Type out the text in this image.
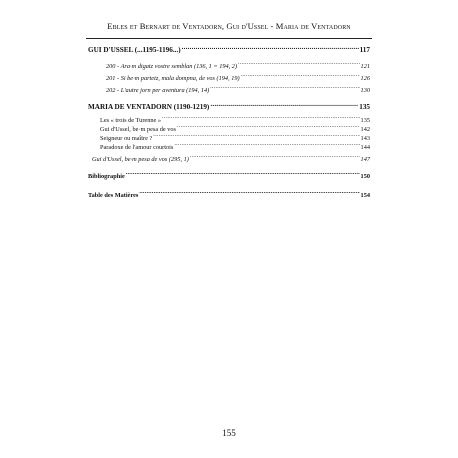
Ebles et Bernart de Ventadorn, Gui d'Ussel - Maria de Ventadorn
GUI D'USSEL (...1195-1196...) .....	117
200 - Ara·m digatz vostre semblan (136, 1 = 194, 2) .....	121
201 - Si be·m partetz, mala dompna, de vos (194, 19) .....	126
202 - L'autre jorn per aventura (194, 14) .....	130
MARIA DE VENTADORN (1190-1219) .....	135
Les « trois de Turenne » .....	135
Gui d'Ussel, be·m pesa de vos .....	142
Seigneur ou maître ? .....	143
Paradoxe de l'amour courtois .....	144
Gui d'Ussel, be·m pesa de vos (295, 1) .....	147
Bibliographie .....	150
Table des Matières .....	154
155
